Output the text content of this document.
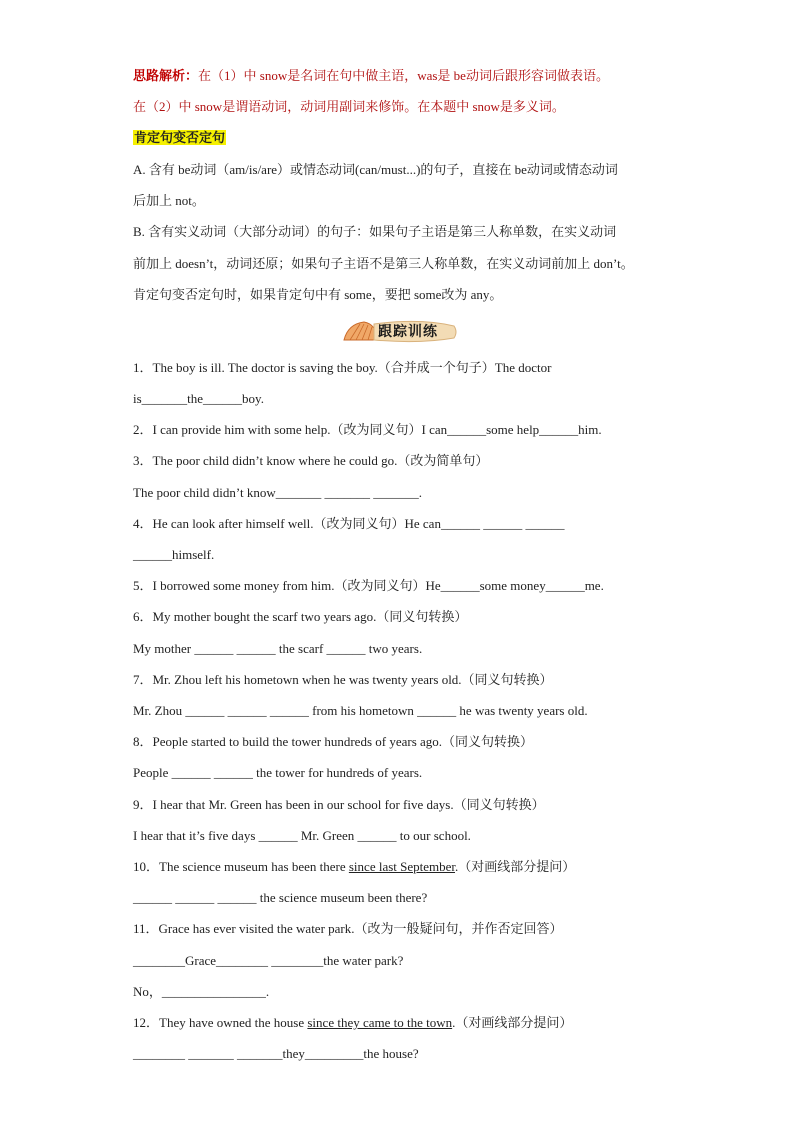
思路解析：在（1）中 snow是名词在句中做主语，was是 be动词后跟形容词做表语。
在（2）中 snow是谓语动词，动词用副词来修饰。在本题中 snow是多义词。
肯定句变否定句
A. 含有 be动词（am/is/are）或情态动词(can/must...)的句子，直接在 be动词或情态动词
后加上 not。
B. 含有实义动词（大部分动词）的句子：如果句子主语是第三人称单数，在实义动词
前加上 doesn’t，动词还原；如果句子主语不是第三人称单数，在实义动词前加上 don’t。
肯定句变否定句时，如果肯定句中有 some，要把 some改为 any。
跟踪训练
1．The boy is ill. The doctor is saving the boy.（合并成一个句子）The doctor
is_______the______boy.
2．I can provide him with some help.（改为同义句）I can______some help______him.
3．The poor child didn’t know where he could go.（改为简单句）
The poor child didn’t know_______ _______ _______.
4．He can look after himself well.（改为同义句）He can______ ______ ______
______himself.
5．I borrowed some money from him.（改为同义句）He______some money______me.
6．My mother bought the scarf two years ago.（同义句转换）
My mother ______ ______ the scarf ______ two years.
7．Mr. Zhou left his hometown when he was twenty years old.（同义句转换）
Mr. Zhou ______ ______ ______ from his hometown ______ he was twenty years old.
8．People started to build the tower hundreds of years ago.（同义句转换）
People ______ ______ the tower for hundreds of years.
9．I hear that Mr. Green has been in our school for five days.（同义句转换）
I hear that it’s five days ______ Mr. Green ______ to our school.
10．The science museum has been there since last September.（对画线部分提问）
______ ______ ______ the science museum been there?
11．Grace has ever visited the water park.（改为一般疑问句，并作否定回答）
________Grace________ ________the water park?
No，________________.
12．They have owned the house since they came to the town.（对画线部分提问）
________ _______ _______they_________the house?
